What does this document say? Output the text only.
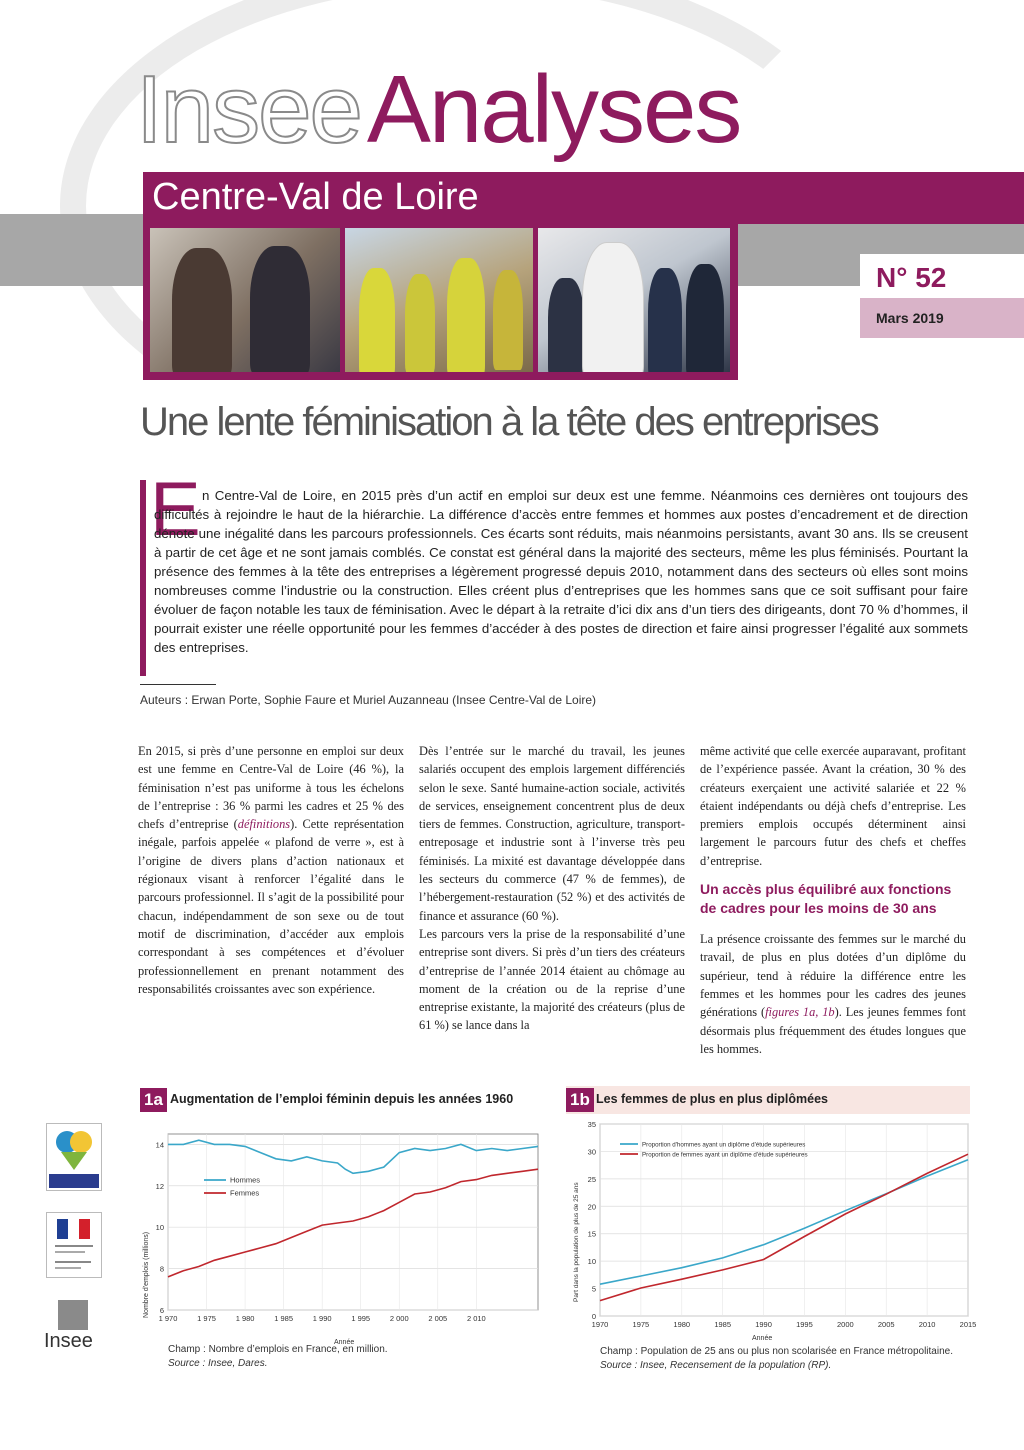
InseeAnalyses
Centre-Val de Loire
N° 52
Mars 2019
Une lente féminisation à la tête des entreprises
E n Centre-Val de Loire, en 2015 près d’un actif en emploi sur deux est une femme. Néanmoins ces dernières ont toujours des difficultés à rejoindre le haut de la hiérarchie. La différence d’accès entre femmes et hommes aux postes d’encadrement et de direction dénote une inégalité dans les parcours professionnels. Ces écarts sont réduits, mais néanmoins persistants, avant 30 ans. Ils se creusent à partir de cet âge et ne sont jamais comblés. Ce constat est général dans la majorité des secteurs, même les plus féminisés. Pourtant la présence des femmes à la tête des entreprises a légèrement progressé depuis 2010, notamment dans des secteurs où elles sont moins nombreuses comme l’industrie ou la construction. Elles créent plus d’entreprises que les hommes sans que ce soit suffisant pour faire évoluer de façon notable les taux de féminisation. Avec le départ à la retraite d’ici dix ans d’un tiers des dirigeants, dont 70 % d’hommes, il pourrait exister une réelle opportunité pour les femmes d’accéder à des postes de direction et faire ainsi progresser l’égalité aux sommets des entreprises.
Auteurs : Erwan Porte, Sophie Faure et Muriel Auzanneau (Insee Centre-Val de Loire)

En 2015, si près d’une personne en emploi sur deux est une femme en Centre-Val de Loire (46 %), la féminisation n’est pas uniforme à tous les échelons de l’entreprise : 36 % parmi les cadres et 25 % des chefs d’entreprise (définitions). Cette représentation inégale, parfois appelée « plafond de verre », est à l’origine de divers plans d’action nationaux et régionaux visant à renforcer l’égalité dans le parcours professionnel. Il s’agit de la possibilité pour chacun, indépendamment de son sexe ou de tout motif de discrimination, d’accéder aux emplois correspondant à ses compétences et d’évoluer professionnellement en prenant notamment des responsabilités croissantes avec son expérience.

Dès l’entrée sur le marché du travail, les jeunes salariés occupent des emplois largement différenciés selon le sexe. Santé humaine-action sociale, activités de services, enseignement concentrent plus de deux tiers de femmes. Construction, agriculture, transport-entreposage et industrie sont à l’inverse très peu féminisés. La mixité est davantage développée dans les secteurs du commerce (47 % de femmes), de l’hébergement-restauration (52 %) et des activités de finance et assurance (60 %).

Les parcours vers la prise de la responsabilité d’une entreprise sont divers. Si près d’un tiers des créateurs d’entreprise de l’année 2014 étaient au chômage au moment de la création ou de la reprise d’une entreprise existante, la majorité des créateurs (plus de 61 %) se lance dans la

même activité que celle exercée auparavant, profitant de l’expérience passée. Avant la création, 30 % des créateurs exerçaient une activité salariée et 22 % étaient indépendants ou déjà chefs d’entreprise. Les premiers emplois occupés déterminent ainsi largement le parcours futur des chefs et cheffes d’entreprise.

Un accès plus équilibré aux fonctions de cadres pour les moins de 30 ans

La présence croissante des femmes sur le marché du travail, de plus en plus dotées d’un diplôme du supérieur, tend à réduire la différence entre les femmes et les hommes pour les cadres des jeunes générations (figures 1a, 1b). Les jeunes femmes font désormais plus fréquemment des études longues que les hommes.

Insee
1a Augmentation de l’emploi féminin depuis les années 1960
6
8
10
12
14
1 970	1 975	1 980	1 985	1 990	1 995	2 000	2 005	2 010
Nombre d'emplois (millions)
Année
Hommes
Femmes
Champ : Nombre d’emplois en France, en million.
Source : Insee, Dares.
1b Les femmes de plus en plus diplômées
0
5
10
15
20
25
30
35
1970	1975	1980	1985	1990	1995	2000	2005	2010	2015
Part dans la population de plus de 25 ans
Année
Proportion d'hommes ayant un diplôme d'étude supérieures
Proportion de femmes ayant un diplôme d'étude supérieures
Champ : Population de 25 ans ou plus non scolarisée en France métropolitaine.
Source : Insee, Recensement de la population (RP).
